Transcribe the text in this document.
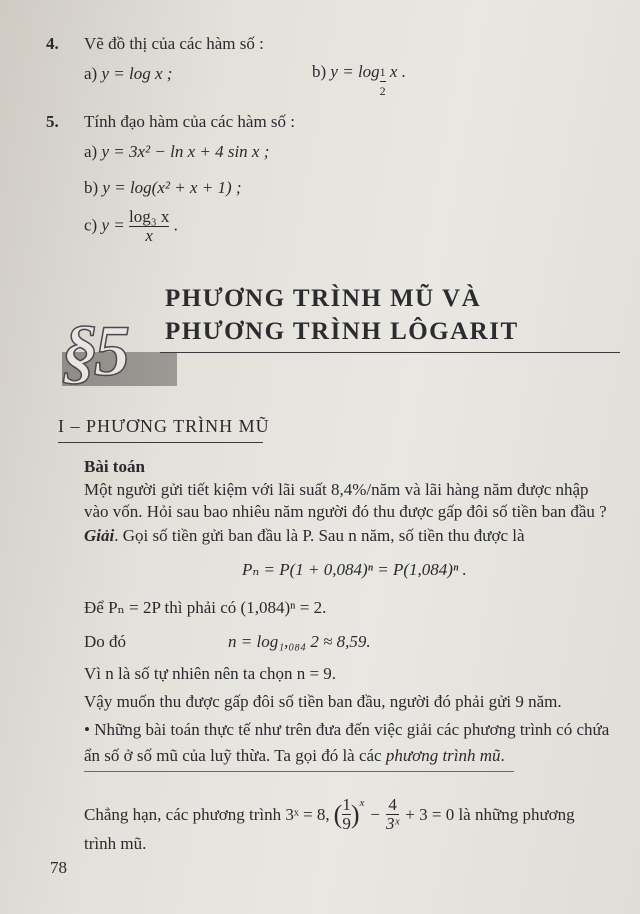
4. Vẽ đồ thị của các hàm số :
a) y = log x ;	b) $y = \log \frac{1}{2}$ x .
5. Tính đạo hàm của các hàm số :
a) y = 3x² − ln x + 4 sin x ;
b) y = log(x² + x + 1) ;
c) $y = \frac{\text{log₃ x}}{x}$ .
§5
PHƯƠNG TRÌNH MŨ VÀ
PHƯƠNG TRÌNH LÔGARIT
I – PHƯƠNG TRÌNH MŨ
Bài toán
Một người gửi tiết kiệm với lãi suất 8,4%/năm và lãi hàng năm được nhập
vào vốn. Hỏi sau bao nhiêu năm người đó thu được gấp đôi số tiền ban đầu ?
Giải. Gọi số tiền gửi ban đầu là P. Sau n năm, số tiền thu được là
Pₙ = P(1 + 0,084)ⁿ = P(1,084)ⁿ .
Để Pₙ = 2P thì phải có (1,084)ⁿ = 2.
Do đó	n = log₁,₀₈₄ 2 ≈ 8,59.
Vì n là số tự nhiên nên ta chọn n = 9.
Vậy muốn thu được gấp đôi số tiền ban đầu, người đó phải gửi 9 năm.
• Những bài toán thực tế như trên đưa đến việc giải các phương trình có chứa
ẩn số ở số mũ của luỹ thừa. Ta gọi đó là các phương trình mũ.
Chẳng hạn, các phương trình 3ˣ = 8, ( $\frac{1}{9} )^x$
− $\frac{4}{\text{3ˣ}} + 3 = 0$ là những phương
trình mũ.
78
